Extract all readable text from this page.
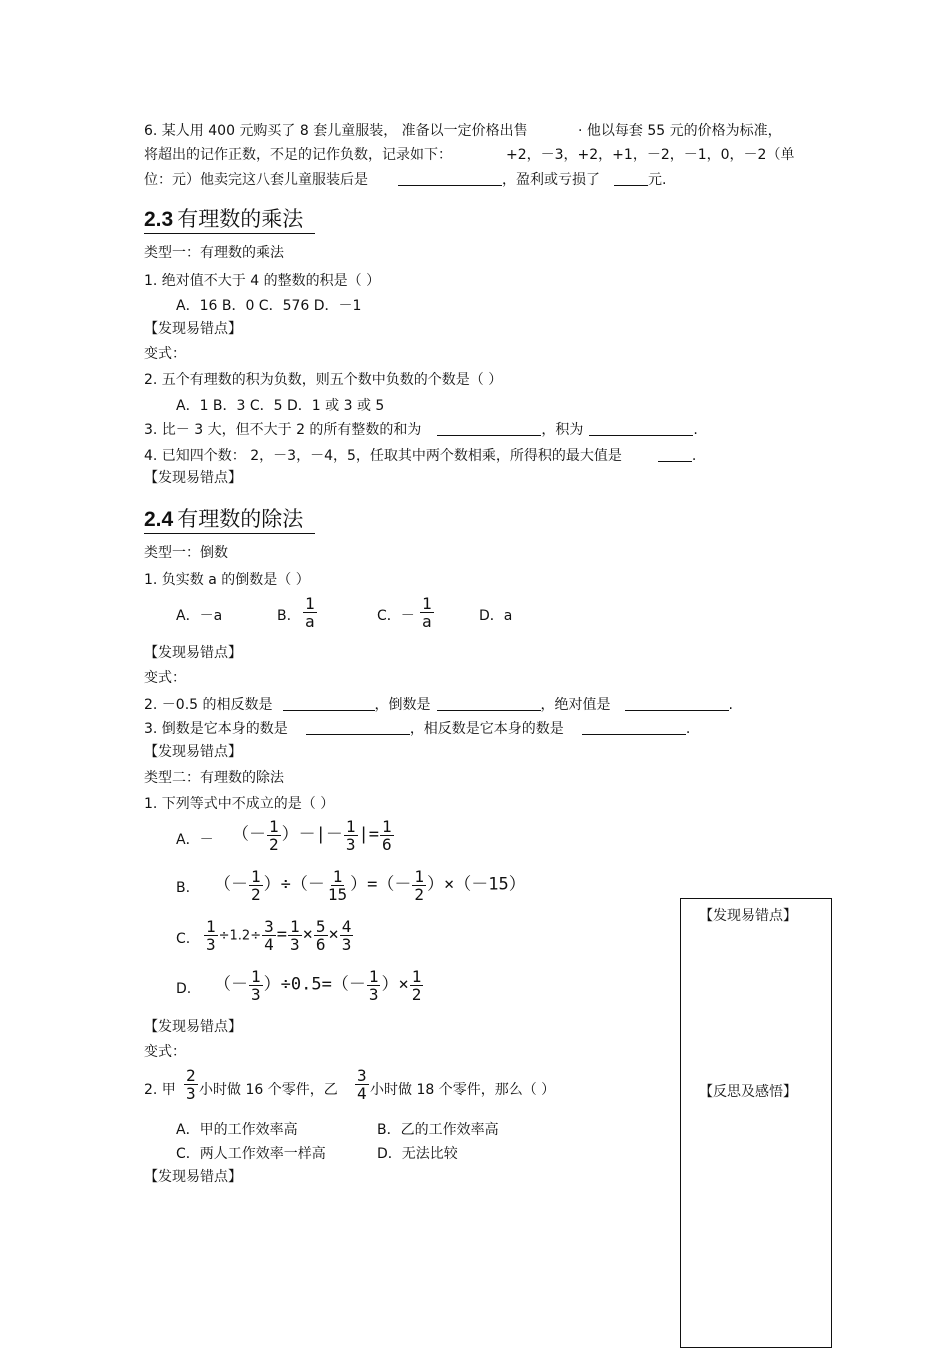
6. 某人用 400 元购买了 8 套儿童服装， 准备以一定价格出售	· 他以每套 55 元的价格为标准，
将超出的记作正数，不足的记作负数，记录如下：	+2，－3，+2，+1，－2，－1，0，－2（单
位：元）他卖完这八套儿童服装后是	，盈利或亏损了	元.
2.3 有理数的乘法
类型一：有理数的乘法
1. 绝对值不大于 4 的整数的积是（ ）
A．16 B．0 C．576 D．－1
【发现易错点】
变式：
2. 五个有理数的积为负数，则五个数中负数的个数是（ ）
A．1 B．3 C．5 D．1 或 3 或 5
3. 比－ 3 大，但不大于 2 的所有整数的和为	，积为	.
4. 已知四个数： 2，－3，－4，5，任取其中两个数相乘，所得积的最大值是	.
【发现易错点】
2.4 有理数的除法
类型一：倒数
1. 负实数 a 的倒数是（ ）
A．－a	B. $\frac{1}{a}$	C．－ $\frac{1}{a}$	D．a
【发现易错点】
变式：
2. －0.5 的相反数是	，倒数是	，绝对值是	.
3. 倒数是它本身的数是	，相反数是它本身的数是	.
【发现易错点】
类型二：有理数的除法
1. 下列等式中不成立的是（ ）
A．－ （－ $\frac{1}{2}$ ）－|－ $\frac{1}{3}$ |= $\frac{1}{6}$
B. （－ $\frac{1}{2}$ ）÷（－ $\frac{1}{15}$ ）=（－ $\frac{1}{2} )\times(-15)$
C. $\frac{1}{3} \div 1.2\div \frac{3}{4} = \frac{1}{3} \times \frac{5}{6} \times \frac{4}{3}$
D. （－ $\frac{1}{3} )\div 0.5=(- \frac{1}{3}$ ）× $\frac{1}{2}$
【发现易错点】
变式：
2. 甲 $\frac{2}{3}$ 小时做 16 个零件，乙 $\frac{3}{4}$ 小时做 18 个零件，那么（ ）
A．甲的工作效率高	B．乙的工作效率高
C．两人工作效率一样高	D．无法比较
【发现易错点】
【发现易错点】
【反思及感悟】
